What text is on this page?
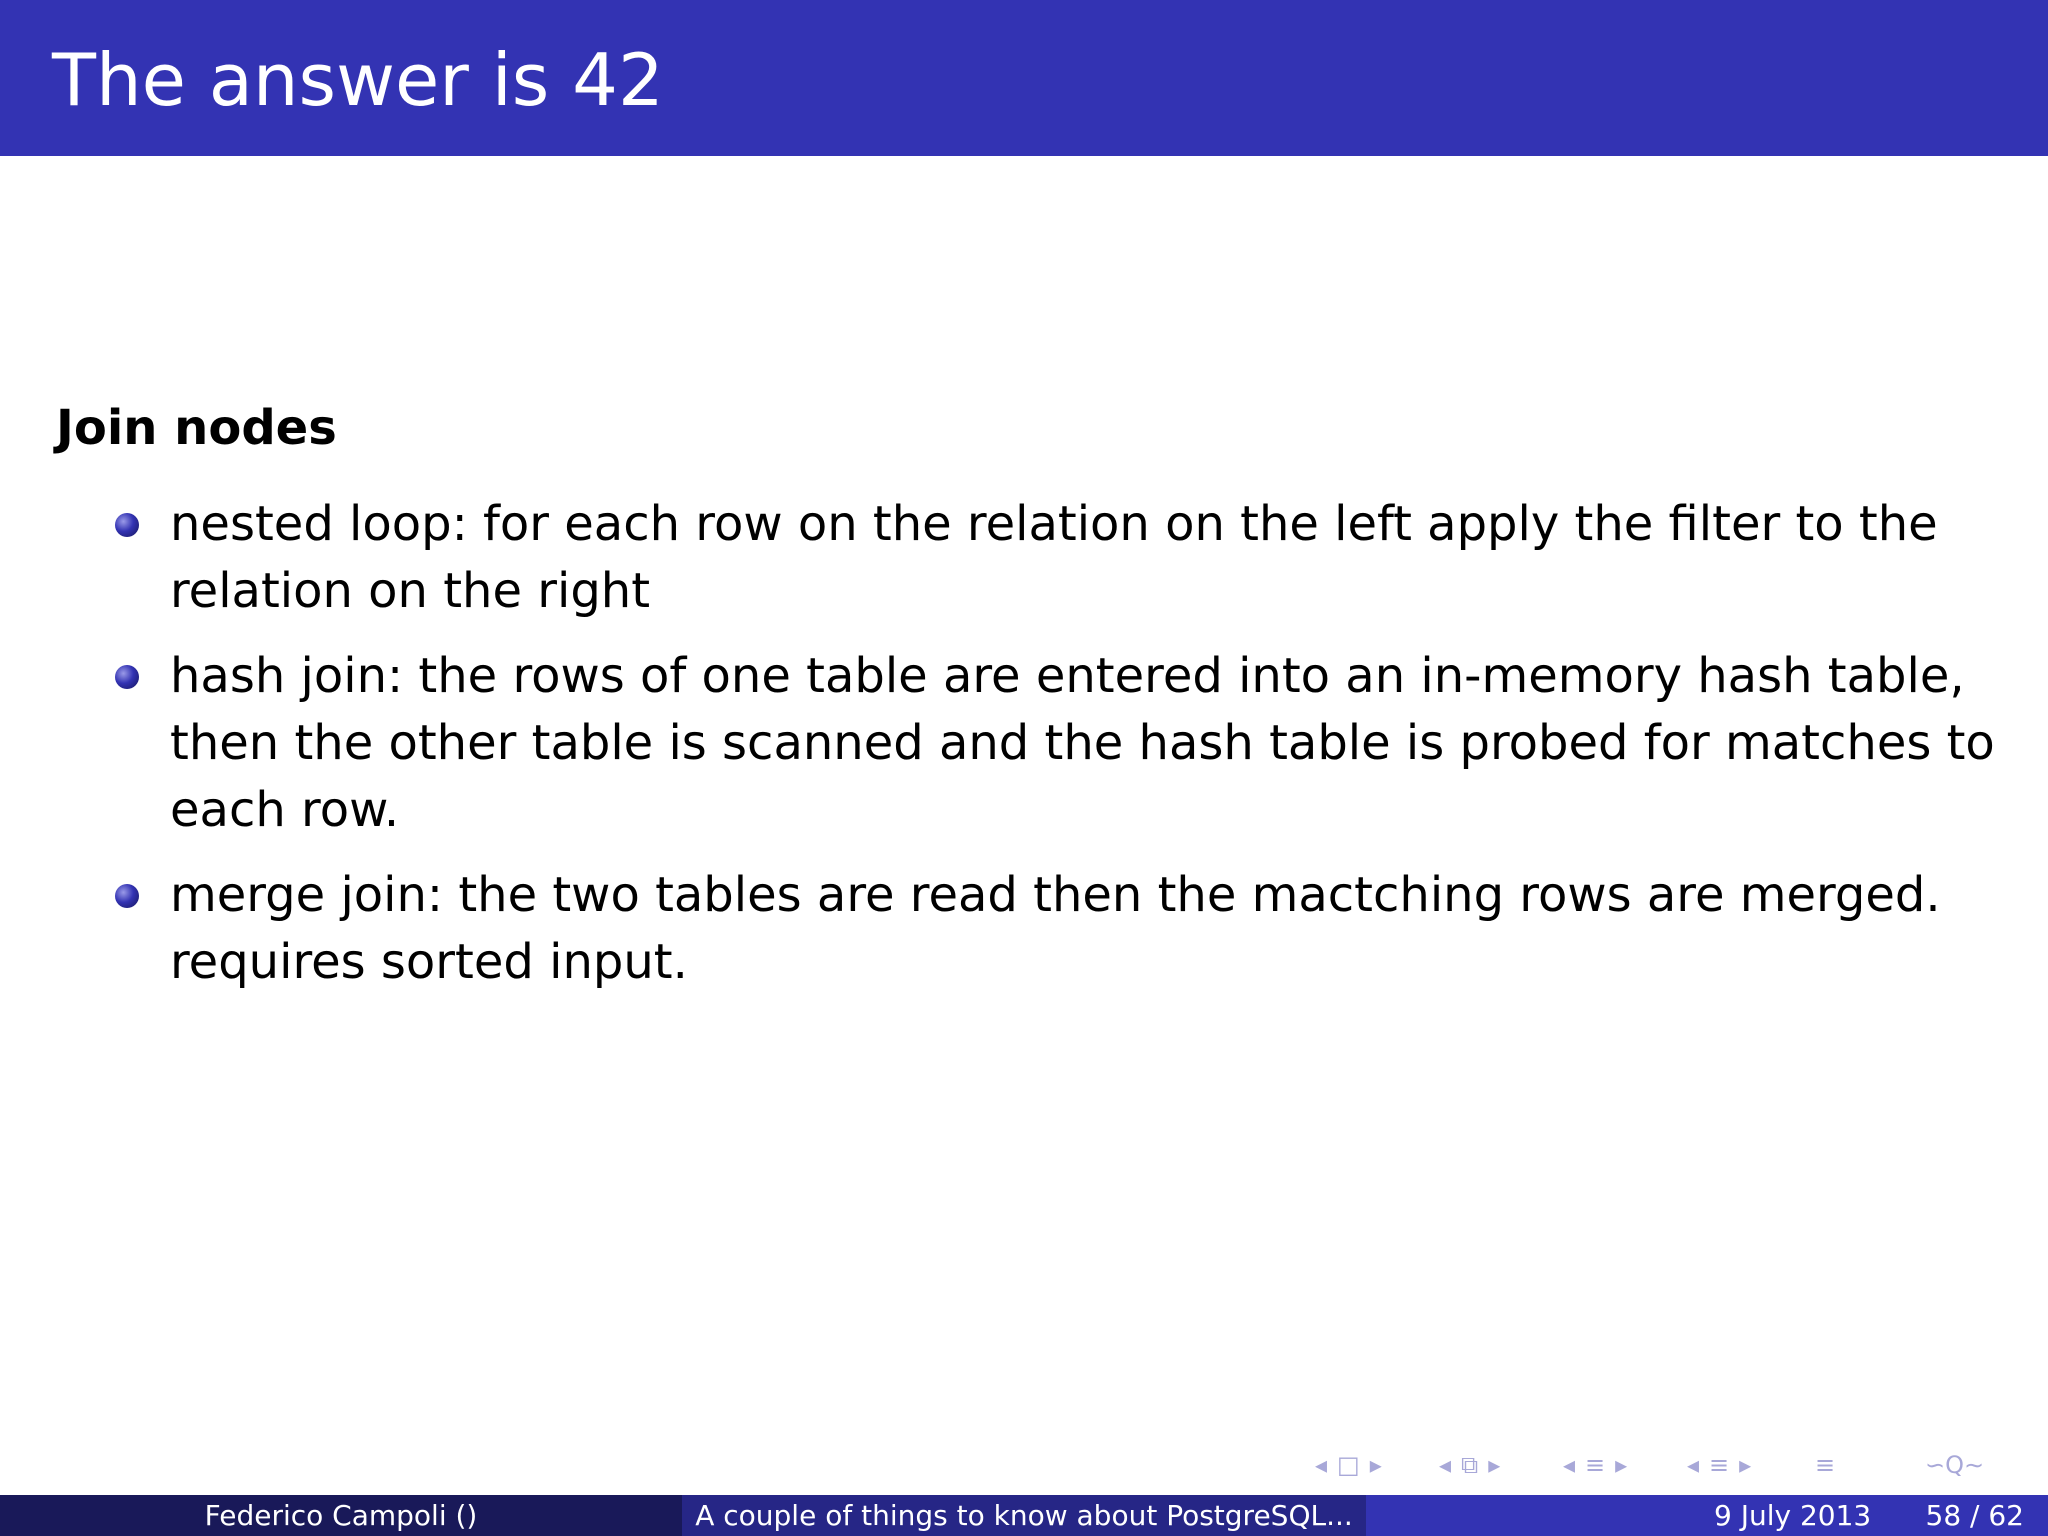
The answer is 42
Join nodes
nested loop: for each row on the relation on the left apply the filter to the relation on the right
hash join: the rows of one table are entered into an in-memory hash table, then the other table is scanned and the hash table is probed for matches to each row.
merge join: the two tables are read then the mactching rows are merged. requires sorted input.
◂ □ ▸ ◂ ⧉ ▸	◂ ≡ ▸ ◂ ≡ ▸	≡	∽Q∼
Federico Campoli ()	A couple of things to know about PostgreSQL...	9 July 2013 58 / 62
